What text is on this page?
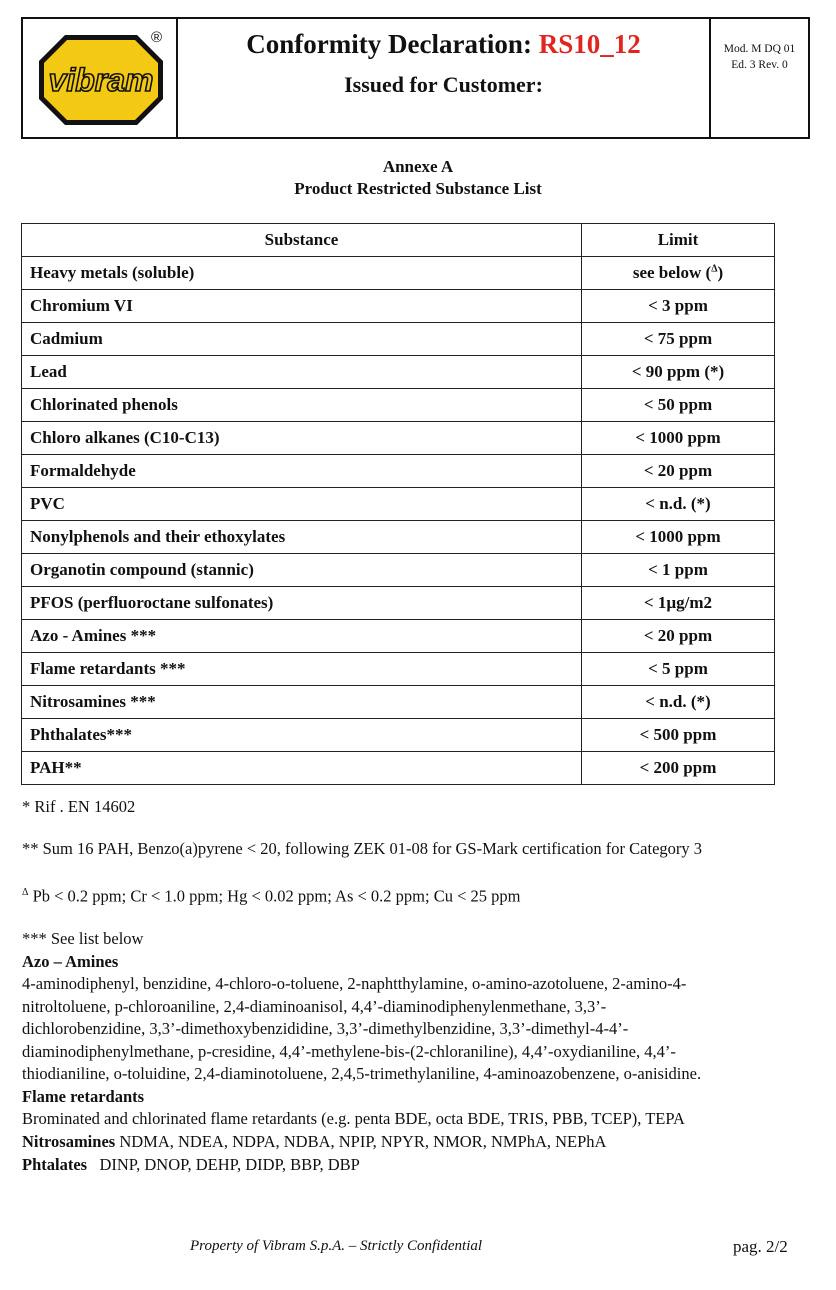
vibram
®	Conformity Declaration: RS10_12
Issued for Customer:
Mod. M DQ 01
Ed. 3 Rev. 0
Annexe A
Product Restricted Substance List
Substance	Limit
Heavy metals (soluble)	see below ($^\Delta$)
Chromium VI	< 3 ppm
Cadmium	< 75 ppm
Lead	< 90 ppm (*)
Chlorinated phenols	< 50 ppm
Chloro alkanes (C10-C13)	< 1000 ppm
Formaldehyde	< 20 ppm
PVC	< n.d. (*)
Nonylphenols and their ethoxylates	< 1000 ppm
Organotin compound (stannic)	< 1 ppm
PFOS (perfluoroctane sulfonates)	< 1µg/m2
Azo - Amines ***	< 20 ppm
Flame retardants ***	< 5 ppm
Nitrosamines ***	< n.d. (*)
Phthalates***	< 500 ppm
PAH**	< 200 ppm
* Rif . EN 14602
** Sum 16 PAH, Benzo(a)pyrene < 20, following ZEK 01-08 for GS-Mark certification for Category 3
$^\Delta$ Pb < 0.2 ppm; Cr < 1.0 ppm; Hg < 0.02 ppm; As < 0.2 ppm; Cu < 25 ppm
*** See list below
Azo – Amines
4-aminodiphenyl, benzidine, 4-chloro-o-toluene, 2-naphtthylamine, o-amino-azotoluene, 2-amino-4-
nitroltoluene, p-chloroaniline, 2,4-diaminoanisol, 4,4’-diaminodiphenylenmethane, 3,3’-
dichlorobenzidine, 3,3’-dimethoxybenzididine, 3,3’-dimethylbenzidine, 3,3’-dimethyl-4-4’-
diaminodiphenylmethane, p-cresidine, 4,4’-methylene-bis-(2-chloraniline), 4,4’-oxydianiline, 4,4’-
thiodianiline, o-toluidine, 2,4-diaminotoluene, 2,4,5-trimethylaniline, 4-aminoazobenzene, o-anisidine.
Flame retardants
Brominated and chlorinated flame retardants (e.g. penta BDE, octa BDE, TRIS, PBB, TCEP), TEPA
Nitrosamines NDMA, NDEA, NDPA, NDBA, NPIP, NPYR, NMOR, NMPhA, NEPhA
Phtalates   DINP, DNOP, DEHP, DIDP, BBP, DBP
Property of Vibram S.p.A. – Strictly Confidential	pag. 2/2
